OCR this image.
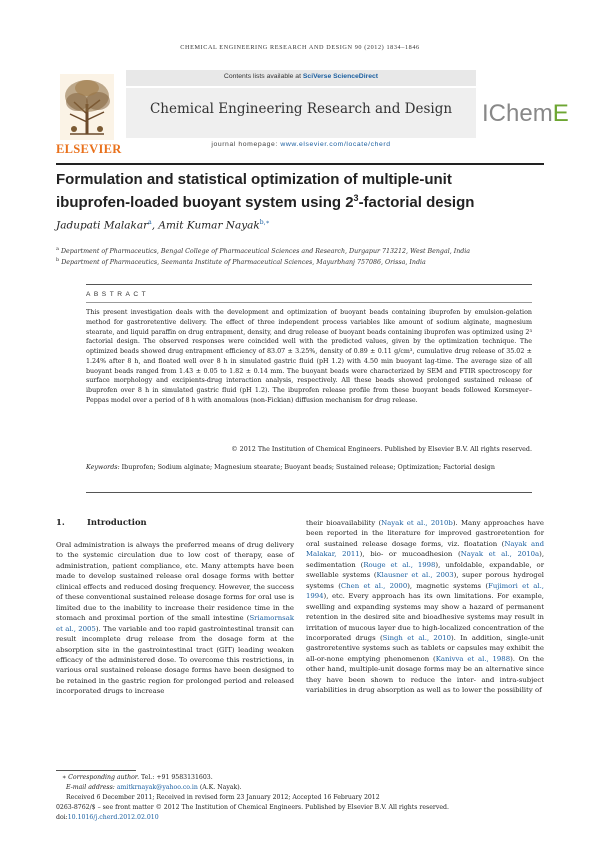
CHEMICAL ENGINEERING RESEARCH AND DESIGN 90 (2012) 1834–1846
ELSEVIER
Contents lists available at SciVerse ScienceDirect
Chemical Engineering Research and Design
journal homepage: www.elsevier.com/locate/cherd
IChemE
Formulation and statistical optimization of multiple-unit
ibuprofen-loaded buoyant system using $2^3$-factorial design
Jadupati Malakar$^a$, Amit Kumar Nayak$^{b,∗}$
$^a$ Department of Pharmaceutics, Bengal College of Pharmaceutical Sciences and Research, Durgapur 713212, West Bengal, India
$^b$ Department of Pharmaceutics, Seemanta Institute of Pharmaceutical Sciences, Mayurbhanj 757086, Orissa, India
ABSTRACT
This present investigation deals with the development and optimization of buoyant beads containing ibuprofen by emulsion-gelation method for gastroretentive delivery. The effect of three independent process variables like amount of sodium alginate, magnesium stearate, and liquid paraffin on drug entrapment, density, and drug release of buoyant beads containing ibuprofen was optimized using 2³ factorial design. The observed responses were coincided well with the predicted values, given by the optimization technique. The optimized beads showed drug entrapment efficiency of 83.07 ± 3.25%, density of 0.89 ± 0.11 g/cm³, cumulative drug release of 35.02 ± 1.24% after 8 h, and floated well over 8 h in simulated gastric fluid (pH 1.2) with 4.50 min buoyant lag-time. The average size of all buoyant beads ranged from 1.43 ± 0.05 to 1.82 ± 0.14 mm. The buoyant beads were characterized by SEM and FTIR spectroscopy for surface morphology and excipients-drug interaction analysis, respectively. All these beads showed prolonged sustained release of ibuprofen over 8 h in simulated gastric fluid (pH 1.2). The ibuprofen release profile from these buoyant beads followed Korsmeyer–Peppas model over a period of 8 h with anomalous (non-Fickian) diffusion mechanism for drug release.
© 2012 The Institution of Chemical Engineers. Published by Elsevier B.V. All rights reserved.
Keywords: Ibuprofen; Sodium alginate; Magnesium stearate; Buoyant beads; Sustained release; Optimization; Factorial design
1.	Introduction
Oral administration is always the preferred means of drug delivery to the systemic circulation due to low cost of therapy, ease of administration, patient compliance, etc. Many attempts have been made to develop sustained release oral dosage forms with better clinical effects and reduced dosing frequency. However, the success of these conventional sustained release dosage forms for oral use is limited due to the inability to increase their residence time in the stomach and proximal portion of the small intestine (Sriamornsak et al., 2005). The variable and too rapid gastrointestinal transit can result incomplete drug release from the dosage form at the absorption site in the gastrointestinal tract (GIT) leading weaken efficacy of the administered dose. To overcome this restrictions, in various oral sustained release dosage forms have been designed to be retained in the gastric region for prolonged period and released incorporated drugs to increase
their bioavailability (Nayak et al., 2010b). Many approaches have been reported in the literature for improved gastroretention for oral sustained release dosage forms, viz. floatation (Nayak and Malakar, 2011), bio- or mucoadhesion (Nayak et al., 2010a), sedimentation (Rouge et al., 1998), unfoldable, expandable, or swellable systems (Klausner et al., 2003), super porous hydrogel systems (Chen et al., 2000), magnetic systems (Fujimori et al., 1994), etc. Every approach has its own limitations. For example, swelling and expanding systems may show a hazard of permanent retention in the desired site and bioadhesive systems may result in irritation of mucous layer due to high-localized concentration of the incorporated drugs (Singh et al., 2010). In addition, single-unit gastroretentive systems such as tablets or capsules may exhibit the all-or-none emptying phenomenon (Kanivva et al., 1988). On the other hand, multiple-unit dosage forms may be an alternative since they have been shown to reduce the inter- and intra-subject variabilities in drug absorption as well as to lower the possibility of
∗ Corresponding author. Tel.: +91 9583131603.
E-mail address: amitkrnayak@yahoo.co.in (A.K. Nayak).
Received 6 December 2011; Received in revised form 23 January 2012; Accepted 16 February 2012
0263-8762/$ – see front matter © 2012 The Institution of Chemical Engineers. Published by Elsevier B.V. All rights reserved.
doi:10.1016/j.cherd.2012.02.010
